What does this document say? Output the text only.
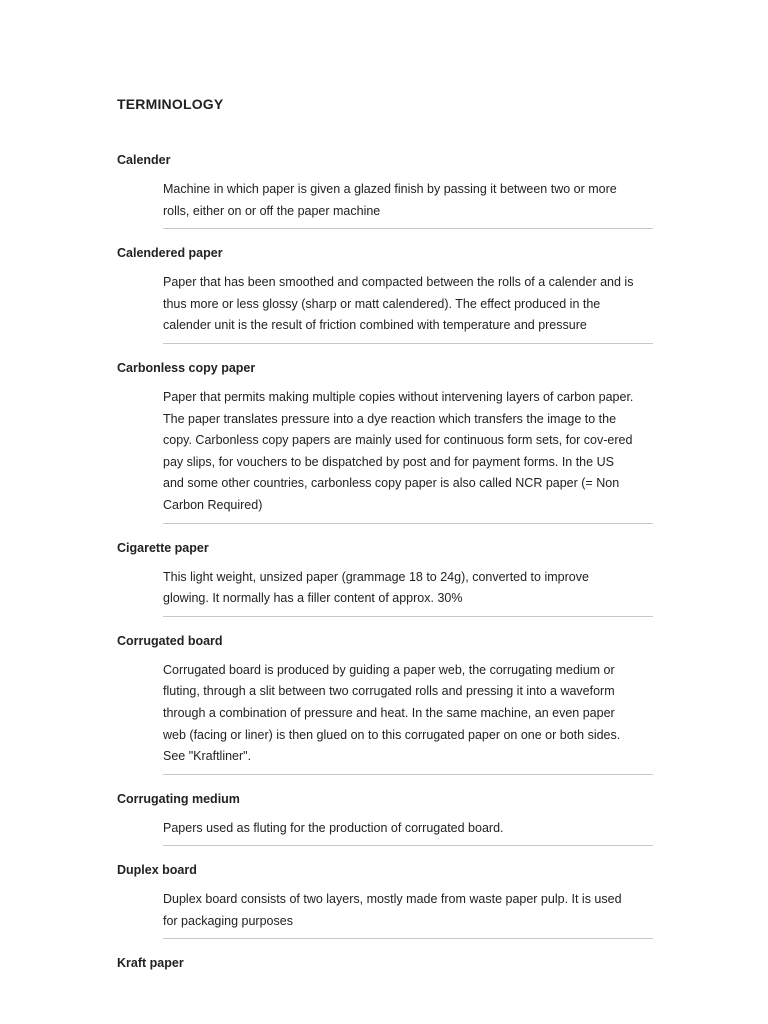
TERMINOLOGY
Calender
Machine in which paper is given a glazed finish by passing it between two or more
rolls, either on or off the paper machine
Calendered paper
Paper that has been smoothed and compacted between the rolls of a calender and is
thus more or less glossy (sharp or matt calendered). The effect produced in the
calender unit is the result of friction combined with temperature and pressure
Carbonless copy paper
Paper that permits making multiple copies without intervening layers of carbon paper.
The paper translates pressure into a dye reaction which transfers the image to the
copy. Carbonless copy papers are mainly used for continuous form sets, for cov-ered
pay slips, for vouchers to be dispatched by post and for payment forms. In the US
and some other countries, carbonless copy paper is also called NCR paper (= Non
Carbon Required)
Cigarette paper
This light weight, unsized paper (grammage 18 to 24g), converted to improve
glowing. It normally has a filler content of approx. 30%
Corrugated board
Corrugated board is produced by guiding a paper web, the corrugating medium or
fluting, through a slit between two corrugated rolls and pressing it into a waveform
through a combination of pressure and heat. In the same machine, an even paper
web (facing or liner) is then glued on to this corrugated paper on one or both sides.
See "Kraftliner".
Corrugating medium
Papers used as fluting for the production of corrugated board.
Duplex board
Duplex board consists of two layers, mostly made from waste paper pulp. It is used
for packaging purposes
Kraft paper
